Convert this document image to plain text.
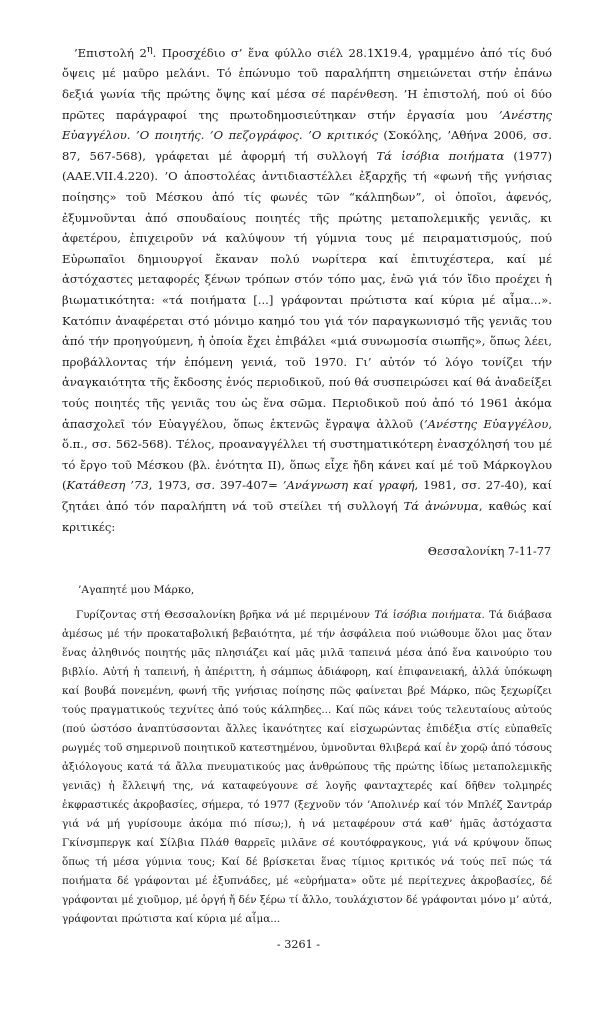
’Επιστολή $2^\eta$. Προσχέδιο σ’ ἕνα φύλλο σιέλ 28.1Χ19.4, γραμμένο ἀπό τίς δυό ὄψεις μέ μαῦρο μελάνι. Τό ἐπώνυμο τοῦ παραλήπτη σημειώνεται στήν ἐπάνω δεξιά γωνία τῆς πρώτης ὄψης καί μέσα σέ παρένθεση. ’Η ἐπιστολή, πού οἱ δύο πρῶτες παράγραφοί της πρωτοδημοσιεύτηκαν στήν ἐργασία μου ’Ανέστης Εὐαγγέλου. ’Ο ποιητής. ’Ο πεζογράφος. ’Ο κριτικός (Σοκόλης, ’Αθήνα 2006, σσ. 87, 567-568), γράφεται μέ ἀφορμή τή συλλογή Τά ἰσόβια ποιήματα (1977) (ΑΑΕ.VII.4.220). ’Ο ἀποστολέας ἀντιδιαστέλλει ἐξαρχῆς τή «φωνή τῆς γνήσιας ποίησης» τοῦ Μέσκου ἀπό τίς φωνές τῶν “κάλπηδων”, οἱ ὁποῖοι, ἀφενός, ἐξυμνοῦνται ἀπό σπουδαίους ποιητές τῆς πρώτης μεταπολεμικῆς γενιᾶς, κι ἀφετέρου, ἐπιχειροῦν νά καλύψουν τή γύμνια τους μέ πειραματισμούς, πού Εὐρωπαῖοι δημιουργοί ἔκαναν πολύ νωρίτερα καί ἐπιτυχέστερα, καί μέ ἀστόχαστες μεταφορές ξένων τρόπων στόν τόπο μας, ἐνῶ γιά τόν ἴδιο προέχει ἡ βιωματικότητα: «τά ποιήματα [...] γράφονται πρώτιστα καί κύρια μέ αἷμα...». Κατόπιν ἀναφέρεται στό μόνιμο καημό του γιά τόν παραγκωνισμό τῆς γενιᾶς του ἀπό τήν προηγούμενη, ἡ ὁποία ἔχει ἐπιβάλει «μιά συνωμοσία σιωπῆς», ὅπως λέει, προβάλλοντας τήν ἑπόμενη γενιά, τοῦ 1970. Γι’ αὐτόν τό λόγο τονίζει τήν ἀναγκαιότητα τῆς ἔκδοσης ἑνός περιοδικοῦ, πού θά συσπειρώσει καί θά ἀναδείξει τούς ποιητές τῆς γενιᾶς του ὡς ἕνα σῶμα. Περιοδικοῦ πού ἀπό τό 1961 ἀκόμα ἀπασχολεῖ τόν Εὐαγγέλου, ὅπως ἐκτενῶς ἔγραψα ἀλλοῦ (’Ανέστης Εὐαγγέλου, ὅ.π., σσ. 562-568). Τέλος, προαναγγέλλει τή συστηματικότερη ἐνασχόλησή του μέ τό ἔργο τοῦ Μέσκου (βλ. ἑνότητα ΙΙ), ὅπως εἶχε ἤδη κάνει καί μέ τοῦ Μάρκογλου (Κατάθεση ’73, 1973, σσ. 397-407= ’Ανάγνωση καί γραφή, 1981, σσ. 27-40), καί ζητάει ἀπό τόν παραλήπτη νά τοῦ στείλει τή συλλογή Τά ἀνώνυμα, καθώς καί κριτικές:

Θεσσαλονίκη 7-11-77
’Αγαπητέ μου Μάρκο,

Γυρίζοντας στή Θεσσαλονίκη βρῆκα νά μέ περιμένουν Τά ἰσόβια ποιήματα. Τά διάβασα ἀμέσως μέ τήν προκαταβολική βεβαιότητα, μέ τήν ἀσφάλεια πού νιώθουμε ὅλοι μας ὅταν ἕνας ἀληθινός ποιητής μᾶς πλησιάζει καί μᾶς μιλᾶ ταπεινά μέσα ἀπό ἕνα καινούριο του βιβλίο. Αὐτή ἡ ταπεινή, ἡ ἀπέριττη, ἡ σάμπως ἀδιάφορη, καί ἐπιφανειακή, ἀλλά ὑπόκωφη καί βουβά πονεμένη, φωνή τῆς γνήσιας ποίησης πῶς φαίνεται βρέ Μάρκο, πῶς ξεχωρίζει τούς πραγματικούς τεχνίτες ἀπό τούς κάλπηδες... Καί πῶς κάνει τούς τελευταίους αὐτούς (πού ὡστόσο ἀναπτύσσονται ἄλλες ἱκανότητες καί εἰσχωρώντας ἐπιδέξια στίς εὐπαθεῖς ρωγμές τοῦ σημερινοῦ ποιητικοῦ κατεστημένου, ὑμνοῦνται θλιβερά καί ἐν χορῷ ἀπό τόσους ἀξιόλογους κατά τά ἄλλα πνευματικούς μας ἀνθρώπους τῆς πρώτης ἰδίως μεταπολεμικῆς γενιᾶς) ἡ ἔλλειψή της, νά καταφεύγουνε σέ λογῆς φανταχτερές καί δῆθεν τολμηρές ἐκφραστικές ἀκροβασίες, σήμερα, τό 1977 (ξεχνοῦν τόν ’Απολινέρ καί τόν Μπλέζ Σαντράρ γιά νά μή γυρίσουμε ἀκόμα πιό πίσω;), ἡ νά μεταφέρουν στά καθ’ ἡμᾶς ἀστόχαστα Γκίνσμπεργκ καί Σίλβια Πλάθ θαρρεῖς μιλᾶνε σέ κουτόφραγκους, γιά νά κρύψουν ὅπως ὅπως τή μέσα γύμνια τους; Καί δέ βρίσκεται ἕνας τίμιος κριτικός νά τούς πεῖ πώς τά ποιήματα δέ γράφονται μέ ἐξυπνάδες, μέ «εὑρήματα» οὔτε μέ περίτεχνες ἀκροβασίες, δέ γράφονται μέ χιοῦμορ, μέ ὀργή ἤ δέν ξέρω τί ἄλλο, τουλάχιστον δέ γράφονται μόνο μ’ αὐτά, γράφονται πρώτιστα καί κύρια μέ αἷμα...

- 3261 -
